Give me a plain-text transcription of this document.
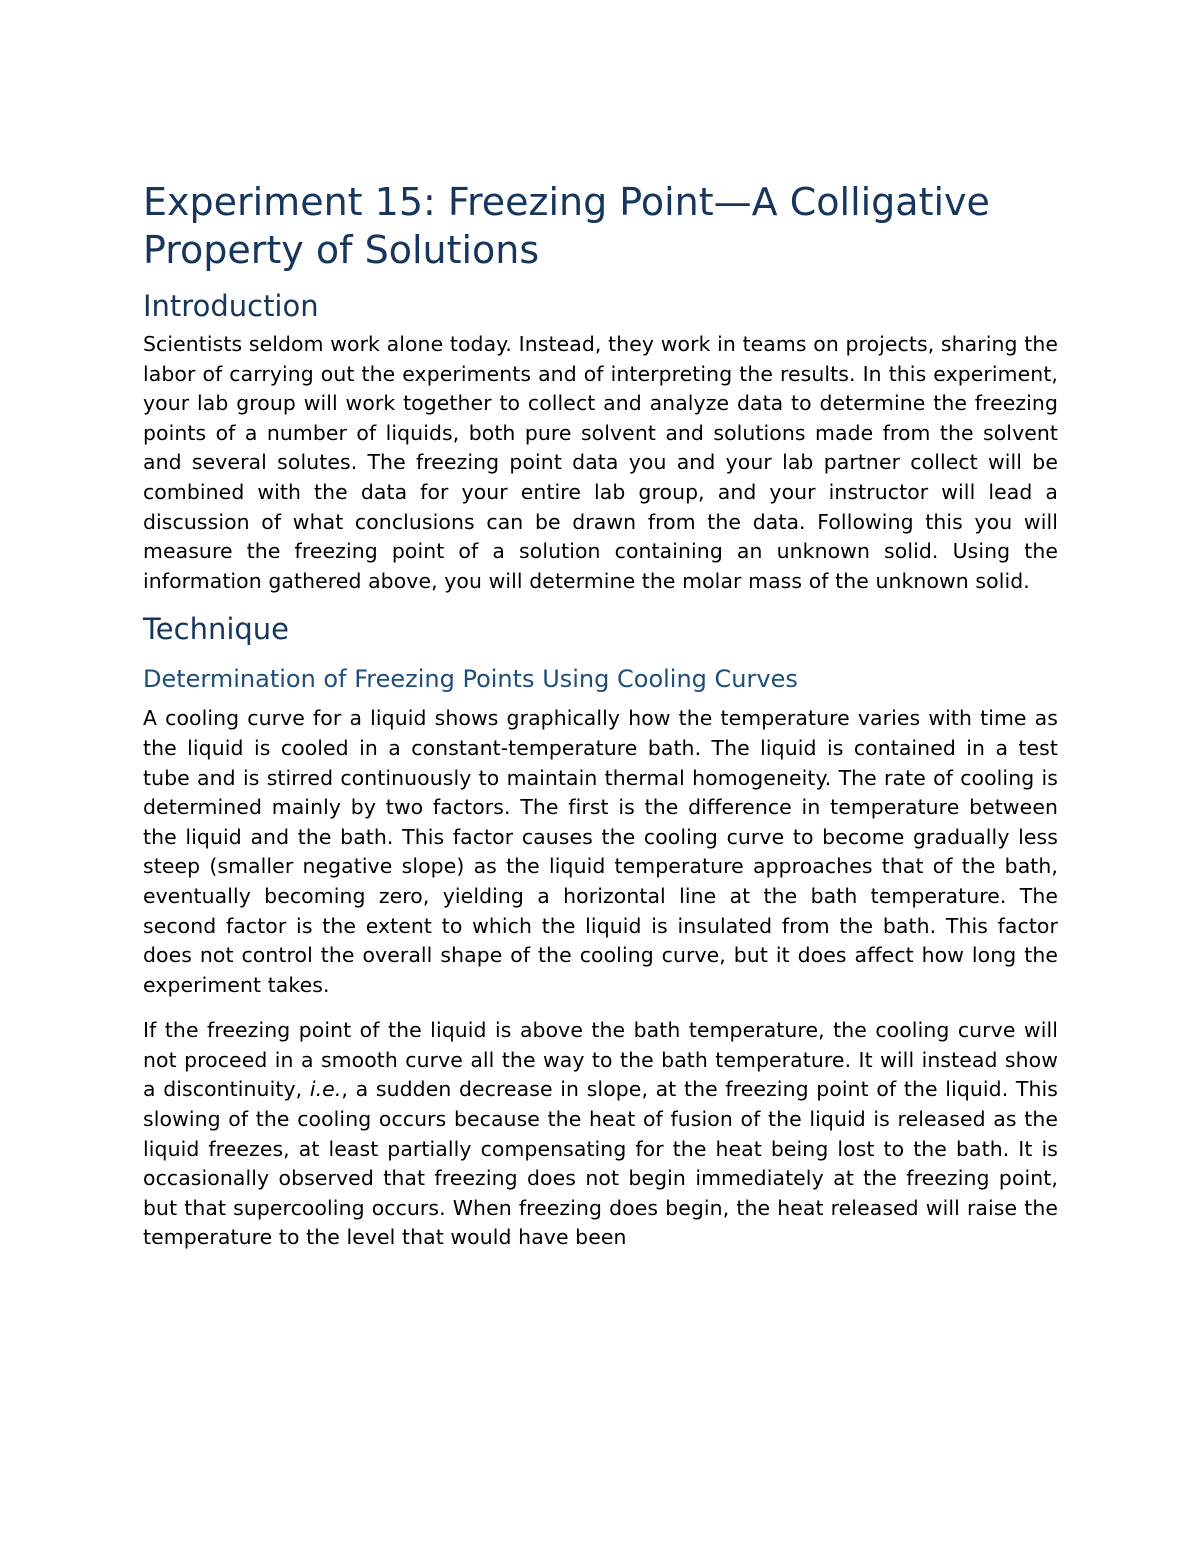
Experiment 15: Freezing Point—A Colligative Property of Solutions
Introduction

Scientists seldom work alone today. Instead, they work in teams on projects, sharing the labor of carrying out the experiments and of interpreting the results. In this experiment, your lab group will work together to collect and analyze data to determine the freezing points of a number of liquids, both pure solvent and solutions made from the solvent and several solutes. The freezing point data you and your lab partner collect will be combined with the data for your entire lab group, and your instructor will lead a discussion of what conclusions can be drawn from the data. Following this you will measure the freezing point of a solution containing an unknown solid. Using the information gathered above, you will determine the molar mass of the unknown solid.

Technique
Determination of Freezing Points Using Cooling Curves

A cooling curve for a liquid shows graphically how the temperature varies with time as the liquid is cooled in a constant-temperature bath. The liquid is contained in a test tube and is stirred continuously to maintain thermal homogeneity. The rate of cooling is determined mainly by two factors. The first is the difference in temperature between the liquid and the bath. This factor causes the cooling curve to become gradually less steep (smaller negative slope) as the liquid temperature approaches that of the bath, eventually becoming zero, yielding a horizontal line at the bath temperature. The second factor is the extent to which the liquid is insulated from the bath. This factor does not control the overall shape of the cooling curve, but it does affect how long the experiment takes.

If the freezing point of the liquid is above the bath temperature, the cooling curve will not proceed in a smooth curve all the way to the bath temperature. It will instead show a discontinuity, i.e., a sudden decrease in slope, at the freezing point of the liquid. This slowing of the cooling occurs because the heat of fusion of the liquid is released as the liquid freezes, at least partially compensating for the heat being lost to the bath. It is occasionally observed that freezing does not begin immediately at the freezing point, but that supercooling occurs. When freezing does begin, the heat released will raise the temperature to the level that would have been
